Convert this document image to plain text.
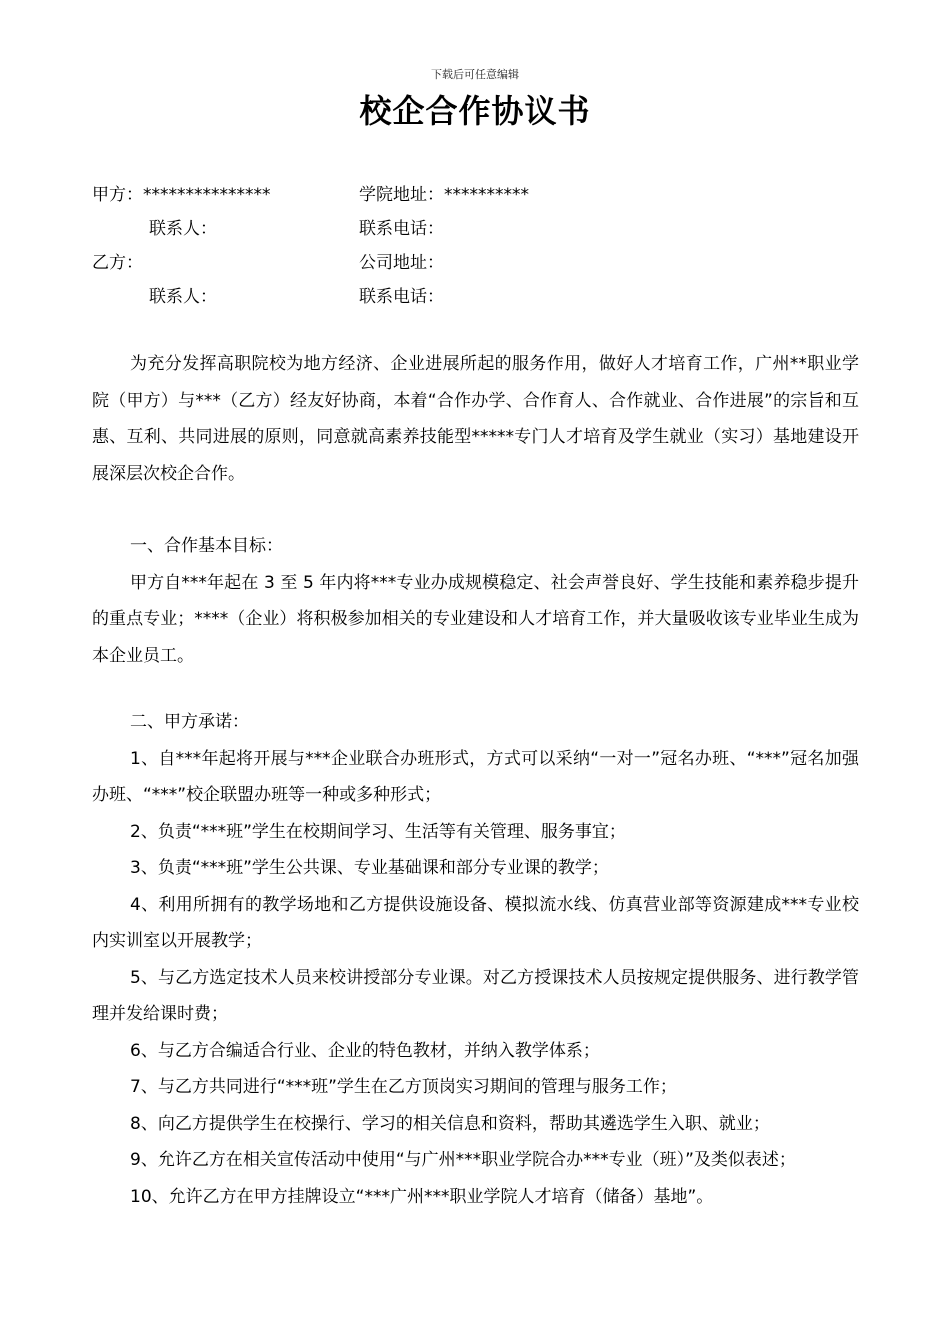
下载后可任意编辑
校企合作协议书
甲方：***************	学院地址：**********
联系人：	联系电话：
乙方：	公司地址：
联系人：	联系电话：

为充分发挥高职院校为地方经济、企业进展所起的服务作用，做好人才培育工作，广州**职业学院（甲方）与***（乙方）经友好协商，本着“合作办学、合作育人、合作就业、合作进展”的宗旨和互惠、互利、共同进展的原则，同意就高素养技能型*****专门人才培育及学生就业（实习）基地建设开展深层次校企合作。

一、合作基本目标：

甲方自***年起在 3 至 5 年内将***专业办成规模稳定、社会声誉良好、学生技能和素养稳步提升的重点专业；****（企业）将积极参加相关的专业建设和人才培育工作，并大量吸收该专业毕业生成为本企业员工。

二、甲方承诺：

1、自***年起将开展与***企业联合办班形式，方式可以采纳“一对一”冠名办班、“***”冠名加强办班、“***”校企联盟办班等一种或多种形式；

2、负责“***班”学生在校期间学习、生活等有关管理、服务事宜；

3、负责“***班”学生公共课、专业基础课和部分专业课的教学；

4、利用所拥有的教学场地和乙方提供设施设备、模拟流水线、仿真营业部等资源建成***专业校内实训室以开展教学；

5、与乙方选定技术人员来校讲授部分专业课。对乙方授课技术人员按规定提供服务、进行教学管理并发给课时费；

6、与乙方合编适合行业、企业的特色教材，并纳入教学体系；

7、与乙方共同进行“***班”学生在乙方顶岗实习期间的管理与服务工作；

8、向乙方提供学生在校操行、学习的相关信息和资料，帮助其遴选学生入职、就业；

9、允许乙方在相关宣传活动中使用“与广州***职业学院合办***专业（班）”及类似表述；

10、允许乙方在甲方挂牌设立“***广州***职业学院人才培育（储备）基地”。
